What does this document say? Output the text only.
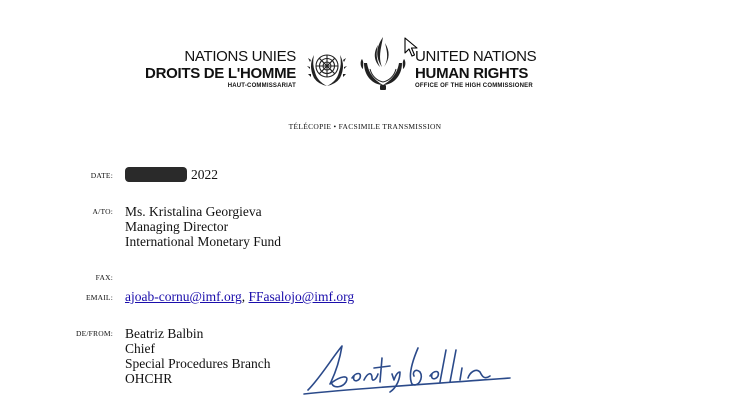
NATIONS UNIES
DROITS DE L'HOMME
HAUT-COMMISSARIAT
UNITED NATIONS
HUMAN RIGHTS
OFFICE OF THE HIGH COMMISSIONER
TÉLÉCOPIE • FACSIMILE TRANSMISSION
DATE:	2022
A/TO: Ms. Kristalina Georgieva
Managing Director
International Monetary Fund
FAX:
EMAIL: ajoab-cornu@imf.org, FFasalojo@imf.org
DE/FROM: Beatriz Balbin
Chief
Special Procedures Branch
OHCHR
